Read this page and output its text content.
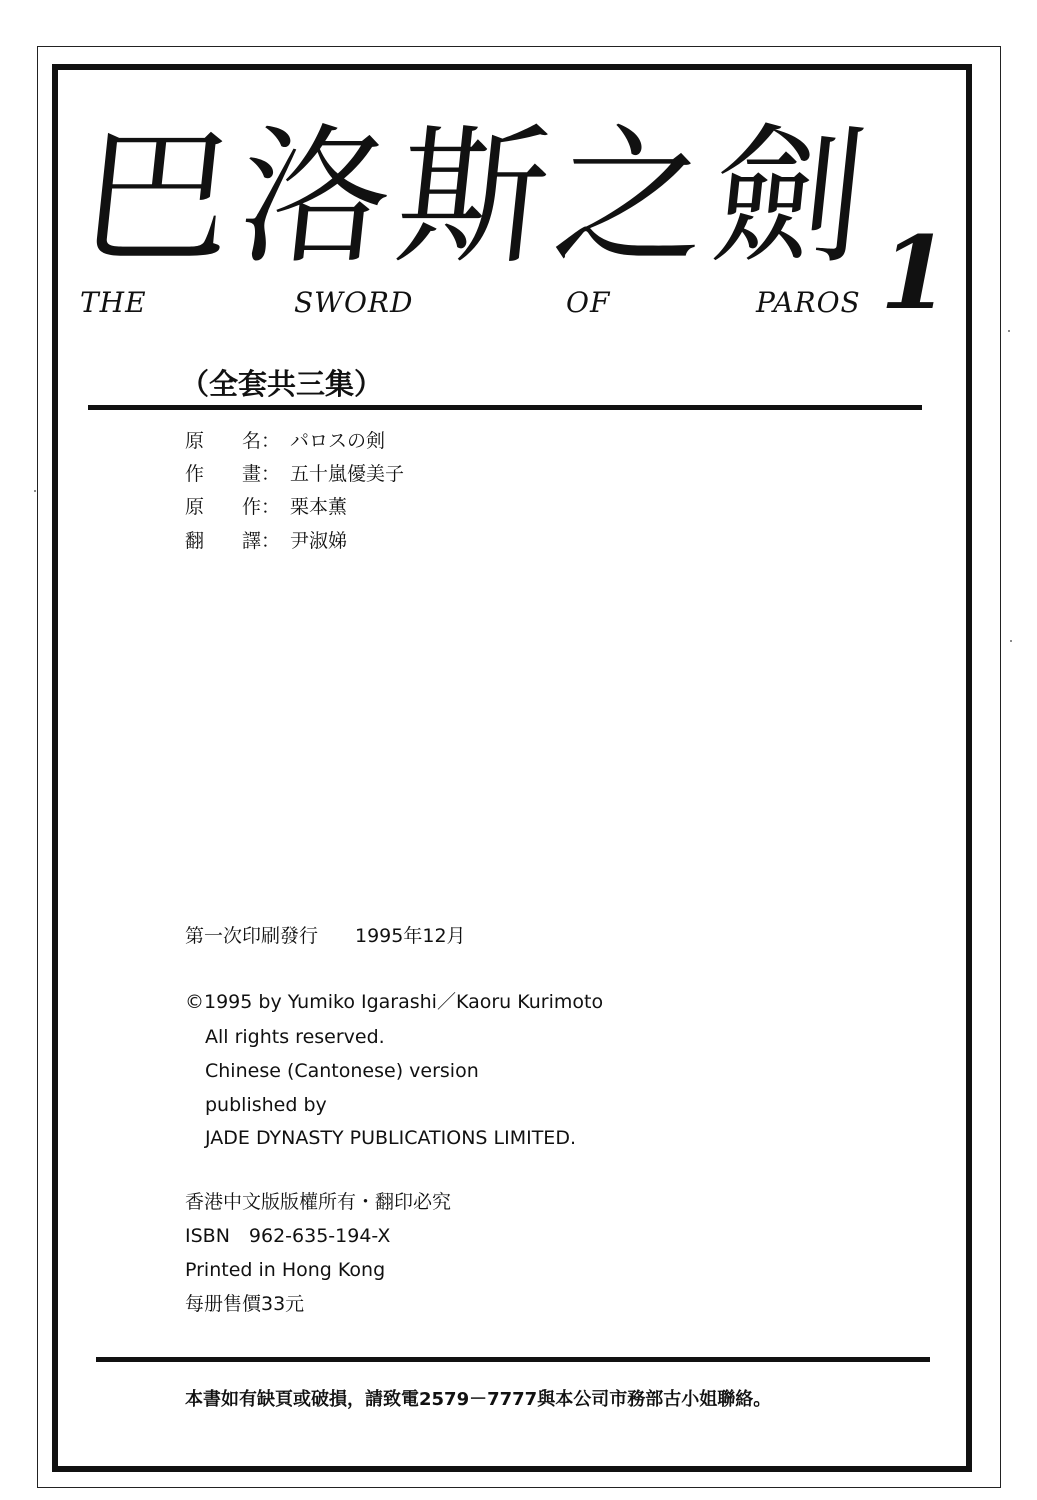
巴洛斯之劍
THE	SWORD	OF	PAROS 1
（全套共三集）
原　　名： パロスの剣
作　　畫： 五十嵐優美子
原　　作： 栗本薫
翻　　譯： 尹淑娣
第一次印刷發行 1995年12月
©1995 by Yumiko Igarashi／Kaoru Kurimoto
All rights reserved.
Chinese (Cantonese) version
published by
JADE DYNASTY PUBLICATIONS LIMITED.
香港中文版版權所有・翻印必究
ISBN　962-635-194-X
Printed in Hong Kong
每册售價33元
本書如有缺頁或破損，請致電2579－7777與本公司市務部古小姐聯絡。
